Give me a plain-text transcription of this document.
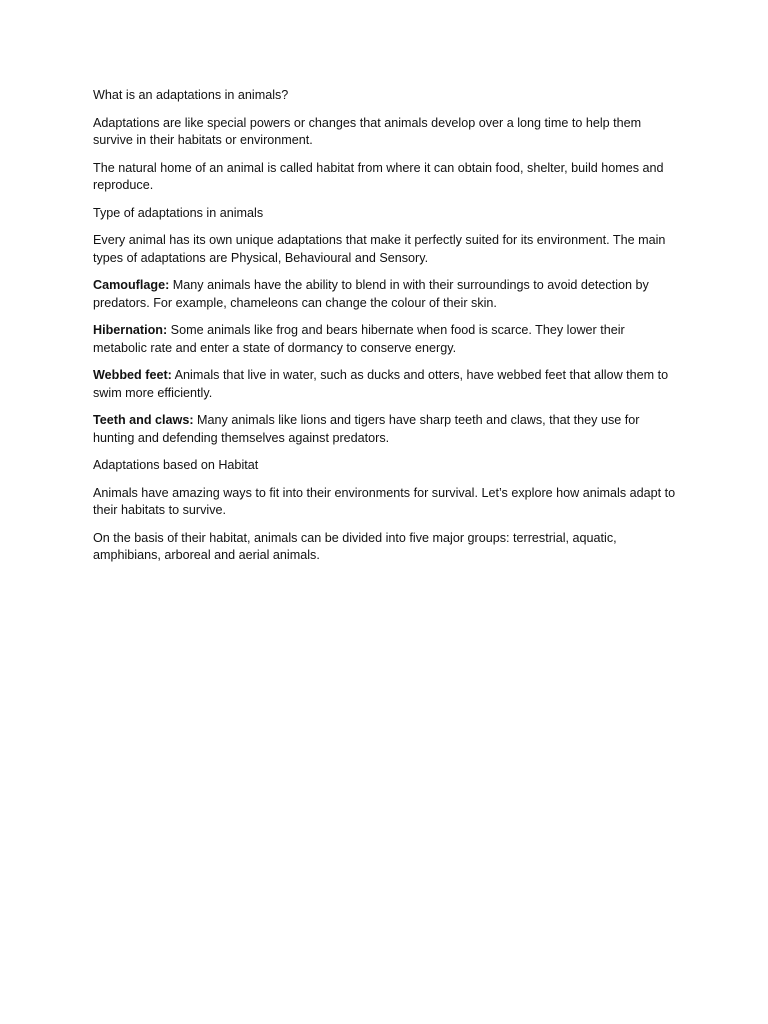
What is an adaptations in animals?

Adaptations are like special powers or changes that animals develop over a long time to help them survive in their habitats or environment.

The natural home of an animal is called habitat from where it can obtain food, shelter, build homes and reproduce.

Type of adaptations in animals

Every animal has its own unique adaptations that make it perfectly suited for its environment. The main types of adaptations are Physical, Behavioural and Sensory.

Camouflage: Many animals have the ability to blend in with their surroundings to avoid detection by predators. For example, chameleons can change the colour of their skin.

Hibernation: Some animals like frog and bears hibernate when food is scarce. They lower their metabolic rate and enter a state of dormancy to conserve energy.

Webbed feet: Animals that live in water, such as ducks and otters, have webbed feet that allow them to swim more efficiently.

Teeth and claws: Many animals like lions and tigers have sharp teeth and claws, that they use for hunting and defending themselves against predators.

Adaptations based on Habitat

Animals have amazing ways to fit into their environments for survival. Let’s explore how animals adapt to their habitats to survive.

On the basis of their habitat, animals can be divided into five major groups: terrestrial, aquatic, amphibians, arboreal and aerial animals.
